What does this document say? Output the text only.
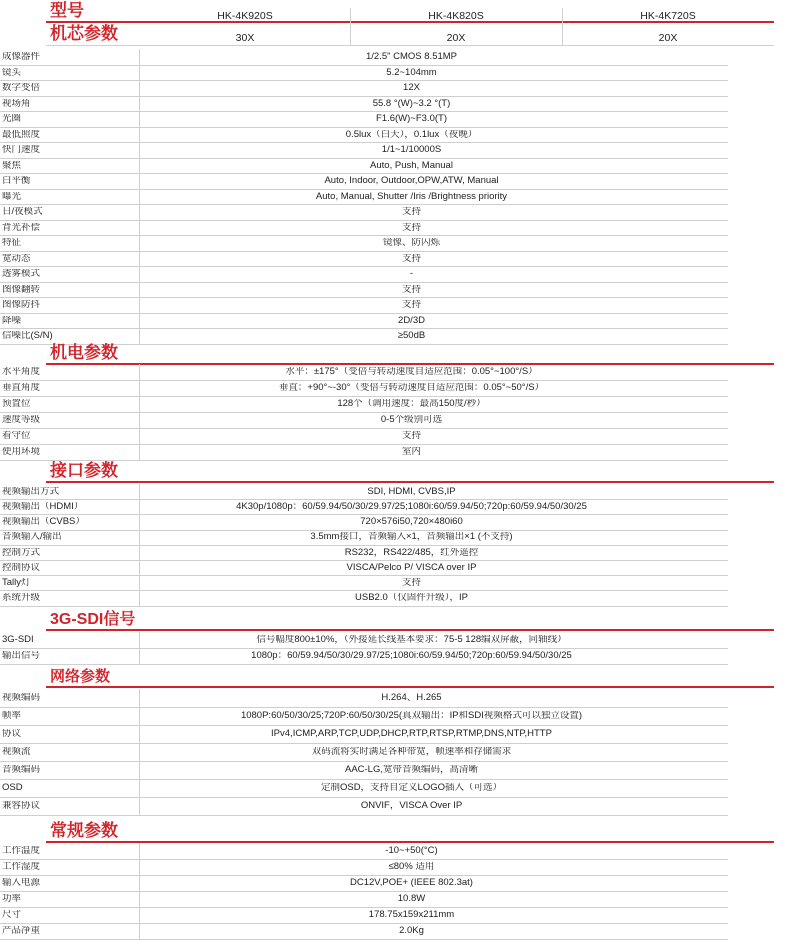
型号	HK-4K920S	HK-4K820S	HK-4K720S
机芯参数	30X	20X	20X
成像器件	1/2.5" CMOS 8.51MP
镜头	5.2~104mm
数字变倍	12X
视场角	55.8 °(W)~3.2 °(T)
光圈	F1.6(W)~F3.0(T)
最低照度	0.5lux（白天），0.1lux（夜晚）
快门速度	1/1~1/10000S
聚焦	Auto, Push, Manual
白平衡	Auto, Indoor, Outdoor,OPW,ATW, Manual
曝光	Auto, Manual, Shutter /Iris /Brightness priority
日/夜模式	支持
背光补偿	支持
特征	镜像、防闪烁
宽动态	支持
透雾模式	-
图像翻转	支持
图像防抖	支持
降噪	2D/3D
信噪比(S/N)	≥50dB
机电参数
水平角度	水平：±175°（变倍与转动速度自适应范围：0.05°~100°/S）
垂直角度	垂直：+90°~-30°（变倍与转动速度自适应范围：0.05°~50°/S）
预置位	128个（调用速度：最高150度/秒）
速度等级	0-5个级别可选
看守位	支持
使用环境	室内
接口参数
视频输出方式	SDI, HDMI, CVBS,IP
视频输出（HDMI）	4K30p/1080p：60/59.94/50/30/29.97/25;1080i:60/59.94/50;720p:60/59.94/50/30/25
视频输出（CVBS）	720×576i50,720×480i60
音频输入/输出	3.5mm接口，音频输入×1，音频输出×1 (不支持)
控制方式	RS232，RS422/485，红外遥控
控制协议	VISCA/Pelco P/ VISCA over IP
Tally灯	支持
系统升级	USB2.0（仅固件升级），IP
3G-SDI信号
3G-SDI	信号幅度800±10%，（外接延长线基本要求：75-5 128编双屏蔽，同轴线）
输出信号	1080p：60/59.94/50/30/29.97/25;1080i:60/59.94/50;720p:60/59.94/50/30/25
网络参数
视频编码	H.264、H.265
帧率	1080P:60/50/30/25;720P:60/50/30/25(真双输出：IP和SDI视频格式可以独立设置)
协议	IPv4,ICMP,ARP,TCP,UDP,DHCP,RTP,RTSP,RTMP,DNS,NTP,HTTP
视频流	双码流将实时满足各种带宽，帧速率和存储需求
音频编码	AAC-LG,宽带音频编码，高清晰
OSD	定制OSD，支持自定义LOGO插入（可选）
兼容协议	ONVIF，VISCA Over IP
常规参数
工作温度	-10~+50(°C)
工作湿度	≤80% 适用
输入电源	DC12V,POE+ (IEEE 802.3at)
功率	10.8W
尺寸	178.75x159x211mm
产品净重	2.0Kg
